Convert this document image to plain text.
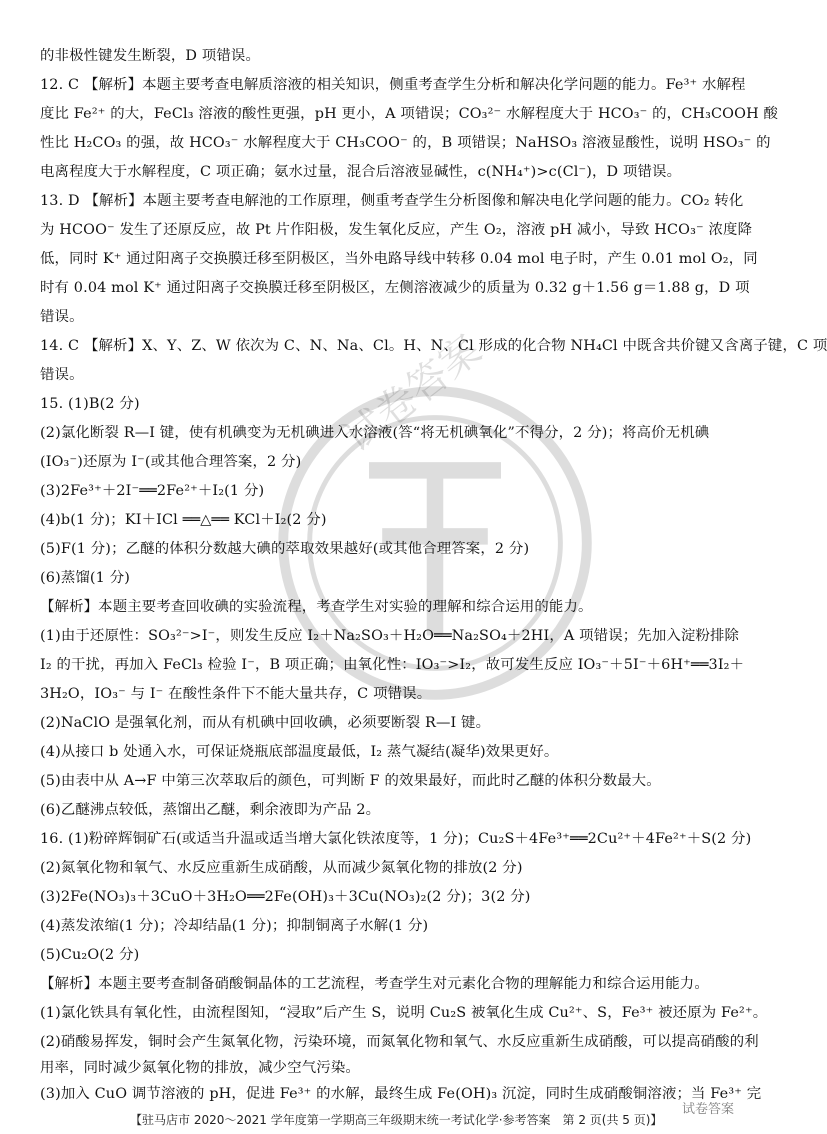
试卷答案
的非极性键发生断裂，D 项错误。
12. C 【解析】本题主要考查电解质溶液的相关知识，侧重考查学生分析和解决化学问题的能力。Fe³⁺ 水解程
度比 Fe²⁺ 的大，FeCl₃ 溶液的酸性更强，pH 更小，A 项错误；CO₃²⁻ 水解程度大于 HCO₃⁻ 的，CH₃COOH 酸
性比 H₂CO₃ 的强，故 HCO₃⁻ 水解程度大于 CH₃COO⁻ 的，B 项错误；NaHSO₃ 溶液显酸性，说明 HSO₃⁻ 的
电离程度大于水解程度，C 项正确；氨水过量，混合后溶液显碱性，c(NH₄⁺)>c(Cl⁻)，D 项错误。
13. D 【解析】本题主要考查电解池的工作原理，侧重考查学生分析图像和解决电化学问题的能力。CO₂ 转化
为 HCOO⁻ 发生了还原反应，故 Pt 片作阳极，发生氧化反应，产生 O₂，溶液 pH 减小，导致 HCO₃⁻ 浓度降
低，同时 K⁺ 通过阳离子交换膜迁移至阴极区，当外电路导线中转移 0.04 mol 电子时，产生 0.01 mol O₂，同
时有 0.04 mol K⁺ 通过阳离子交换膜迁移至阴极区，左侧溶液减少的质量为 0.32 g＋1.56 g＝1.88 g，D 项
错误。
14. C 【解析】X、Y、Z、W 依次为 C、N、Na、Cl。H、N、Cl 形成的化合物 NH₄Cl 中既含共价键又含离子键，C 项
错误。
15. (1)B(2 分)
(2)氯化断裂 R—I 键，使有机碘变为无机碘进入水溶液(答“将无机碘氧化”不得分，2 分)；将高价无机碘
(IO₃⁻)还原为 I⁻(或其他合理答案，2 分)
(3)2Fe³⁺＋2I⁻══2Fe²⁺＋I₂(1 分)
(4)b(1 分)；KI＋ICl ══△══ KCl＋I₂(2 分)
(5)F(1 分)；乙醚的体积分数越大碘的萃取效果越好(或其他合理答案，2 分)
(6)蒸馏(1 分)
【解析】本题主要考查回收碘的实验流程，考查学生对实验的理解和综合运用的能力。
(1)由于还原性：SO₃²⁻>I⁻，则发生反应 I₂＋Na₂SO₃＋H₂O══Na₂SO₄＋2HI，A 项错误；先加入淀粉排除
I₂ 的干扰，再加入 FeCl₃ 检验 I⁻，B 项正确；由氧化性：IO₃⁻>I₂，故可发生反应 IO₃⁻＋5I⁻＋6H⁺══3I₂＋
3H₂O，IO₃⁻ 与 I⁻ 在酸性条件下不能大量共存，C 项错误。
(2)NaClO 是强氧化剂，而从有机碘中回收碘，必须要断裂 R—I 键。
(4)从接口 b 处通入水，可保证烧瓶底部温度最低，I₂ 蒸气凝结(凝华)效果更好。
(5)由表中从 A→F 中第三次萃取后的颜色，可判断 F 的效果最好，而此时乙醚的体积分数最大。
(6)乙醚沸点较低，蒸馏出乙醚，剩余液即为产品 2。
16. (1)粉碎辉铜矿石(或适当升温或适当增大氯化铁浓度等，1 分)；Cu₂S＋4Fe³⁺══2Cu²⁺＋4Fe²⁺＋S(2 分)
(2)氮氧化物和氧气、水反应重新生成硝酸，从而减少氮氧化物的排放(2 分)
(3)2Fe(NO₃)₃＋3CuO＋3H₂O══2Fe(OH)₃＋3Cu(NO₃)₂(2 分)；3(2 分)
(4)蒸发浓缩(1 分)；冷却结晶(1 分)；抑制铜离子水解(1 分)
(5)Cu₂O(2 分)
【解析】本题主要考查制备硝酸铜晶体的工艺流程，考查学生对元素化合物的理解能力和综合运用能力。
(1)氯化铁具有氧化性，由流程图知，“浸取”后产生 S，说明 Cu₂S 被氧化生成 Cu²⁺、S，Fe³⁺ 被还原为 Fe²⁺。
(2)硝酸易挥发，铜时会产生氮氧化物，污染环境，而氮氧化物和氧气、水反应重新生成硝酸，可以提高硝酸的利
用率，同时减少氮氧化物的排放，减少空气污染。
(3)加入 CuO 调节溶液的 pH，促进 Fe³⁺ 的水解，最终生成 Fe(OH)₃ 沉淀，同时生成硝酸铜溶液；当 Fe³⁺ 完
【驻马店市 2020～2021 学年度第一学期高三年级期末统一考试化学·参考答案　第 2 页(共 5 页)】
试卷答案
